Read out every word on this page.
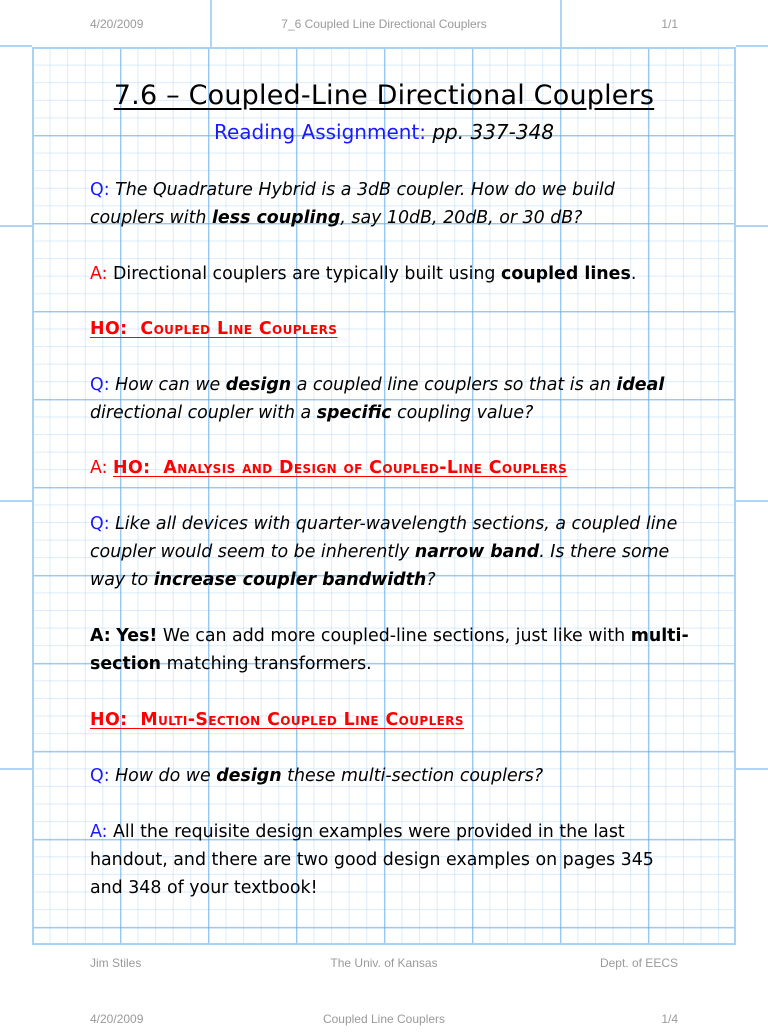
4/20/2009	7_6 Coupled Line Directional Couplers	1/1
7.6 – Coupled-Line Directional Couplers
Reading Assignment: pp. 337-348
Q: The Quadrature Hybrid is a 3dB coupler. How do we build couplers with less coupling, say 10dB, 20dB, or 30 dB?
A: Directional couplers are typically built using coupled lines.
HO: Coupled Line Couplers
Q: How can we design a coupled line couplers so that is an ideal directional coupler with a specific coupling value?
A: HO: Analysis and Design of Coupled-Line Couplers
Q: Like all devices with quarter-wavelength sections, a coupled line coupler would seem to be inherently narrow band. Is there some way to increase coupler bandwidth?
A: Yes! We can add more coupled-line sections, just like with multi-section matching transformers.
HO: Multi-Section Coupled Line Couplers
Q: How do we design these multi-section couplers?
A: All the requisite design examples were provided in the last handout, and there are two good design examples on pages 345 and 348 of your textbook!
Jim Stiles	The Univ. of Kansas	Dept. of EECS
4/20/2009	Coupled Line Couplers	1/4
